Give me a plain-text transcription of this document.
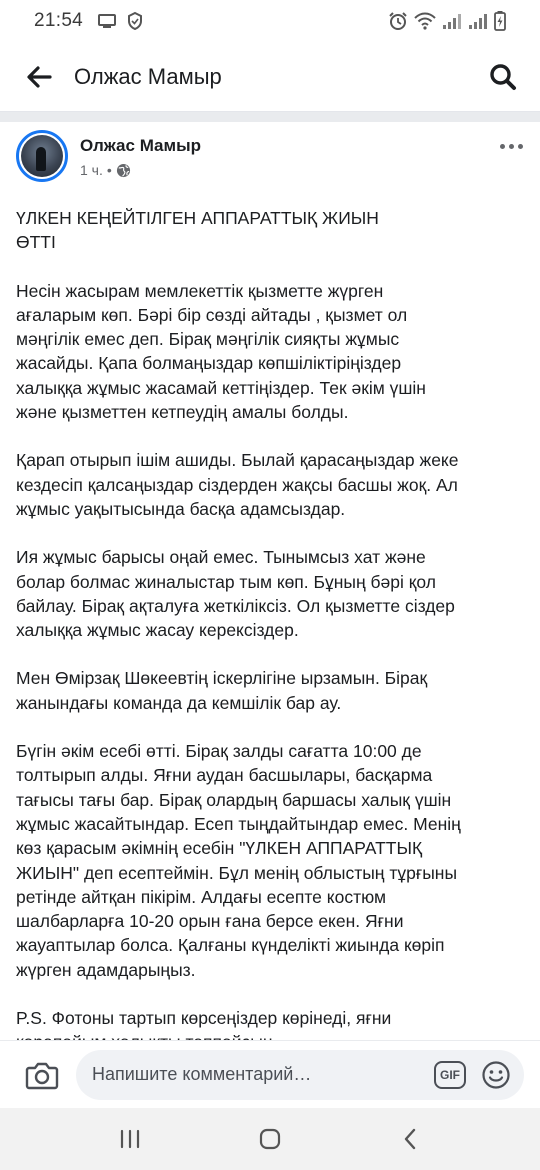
21:54
Олжас Мамыр
Олжас Мамыр
1 ч. •

ҮЛКЕН КЕҢЕЙТІЛГЕН АППАРАТТЫҚ ЖИЫН
ӨТТІ

Несін жасырам мемлекеттік қызметте жүрген
ағаларым көп. Бәрі бір сөзді айтады , қызмет ол
мәңгілік емес деп. Бірақ мәңгілік сияқты жұмыс
жасайды. Қапа болмаңыздар көпшіліктіріңіздер
халыққа жұмыс жасамай кеттіңіздер. Тек әкім үшін
және қызметтен кетпеудің амалы болды.

Қарап отырып ішім ашиды. Былай қарасаңыздар жеке
кездесіп қалсаңыздар сіздерден жақсы басшы жоқ. Ал
жұмыс уақытысында басқа адамсыздар.

Ия жұмыс барысы оңай емес. Тынымсыз хат және
болар болмас жиналыстар тым көп. Бұның бәрі қол
байлау. Бірақ ақталуға жеткіліксіз. Ол қызметте сіздер
халыққа жұмыс жасау керексіздер.

Мен Өмірзақ Шөкеевтің іскерлігіне ырзамын. Бірақ
жанындағы команда да кемшілік бар ау.

Бүгін әкім есебі өтті. Бірақ залды сағатта 10:00 де
толтырып алды. Яғни аудан басшылары, басқарма
тағысы тағы бар. Бірақ олардың баршасы халық үшін
жұмыс жасайтындар. Есеп тыңдайтындар емес. Менің
көз қарасым әкімнің есебін "ҮЛКЕН АППАРАТТЫҚ
ЖИЫН" деп есептеймін. Бұл менің облыстың тұрғыны
ретінде айтқан пікірім. Алдағы есепте костюм
шалбарларға 10-20 орын ғана берсе екен. Яғни
жауаптылар болса. Қалғаны күнделікті жиында көріп
жүрген адамдарыңыз.

P.S. Фотоны тартып көрсеңіздер көрінеді, яғни

Напишите комментарий…
GIF
